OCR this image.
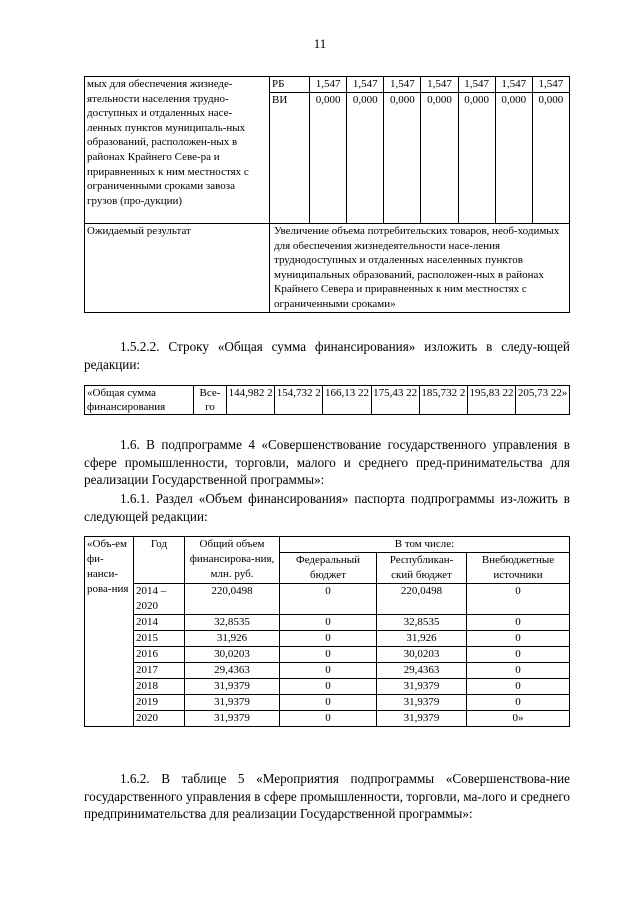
11
мых для обеспечения жизнеде-ятельности населения трудно-доступных и отдаленных насе-ленных пунктов муниципаль-ных образований, расположен-ных в районах Крайнего Севе-ра и приравненных к ним местностях с ограниченными сроками завоза грузов (про-дукции)	РБ	1,547	1,547	1,547	1,547	1,547	1,547	1,547
	ВИ	0,000	0,000	0,000	0,000	0,000	0,000	0,000
Ожидаемый результат	Увеличение объема потребительских товаров, необ-ходимых для обеспечения жизнедеятельности насе-ления труднодоступных и отдаленных населенных пунктов муниципальных образований, расположен-ных в районах Крайнего Севера и приравненных к ним местностях с ограниченными сроками»							
1.5.2.2. Строку «Общая сумма финансирования» изложить в следу-ющей редакции:
«Общая сумма финансирования	Все-го	144,982 2	154,732 2	166,13 22	175,43 22	185,732 2	195,83 22	205,73 22»
1.6. В подпрограмме 4 «Совершенствование государственного управления в сфере промышленности, торговли, малого и среднего пред-принимательства для реализации Государственной программы»:
1.6.1. Раздел «Объем финансирования» паспорта подпрограммы из-ложить в следующей редакции:
«Объ-ем фи-нанси-рова-ния	Год	Общий объем финансирова-ния, млн. руб.	В том числе:		
			Федеральный бюджет	Республикан-ский бюджет	Внебюджетные источники
	2014 – 2020	220,0498	0	220,0498	0
	2014	32,8535	0	32,8535	0
	2015	31,926	0	31,926	0
	2016	30,0203	0	30,0203	0
	2017	29,4363	0	29,4363	0
	2018	31,9379	0	31,9379	0
	2019	31,9379	0	31,9379	0
	2020	31,9379	0	31,9379	0»
1.6.2. В таблице 5 «Мероприятия подпрограммы «Совершенствова-ние государственного управления в сфере промышленности, торговли, ма-лого и среднего предпринимательства для реализации Государственной программы»:
